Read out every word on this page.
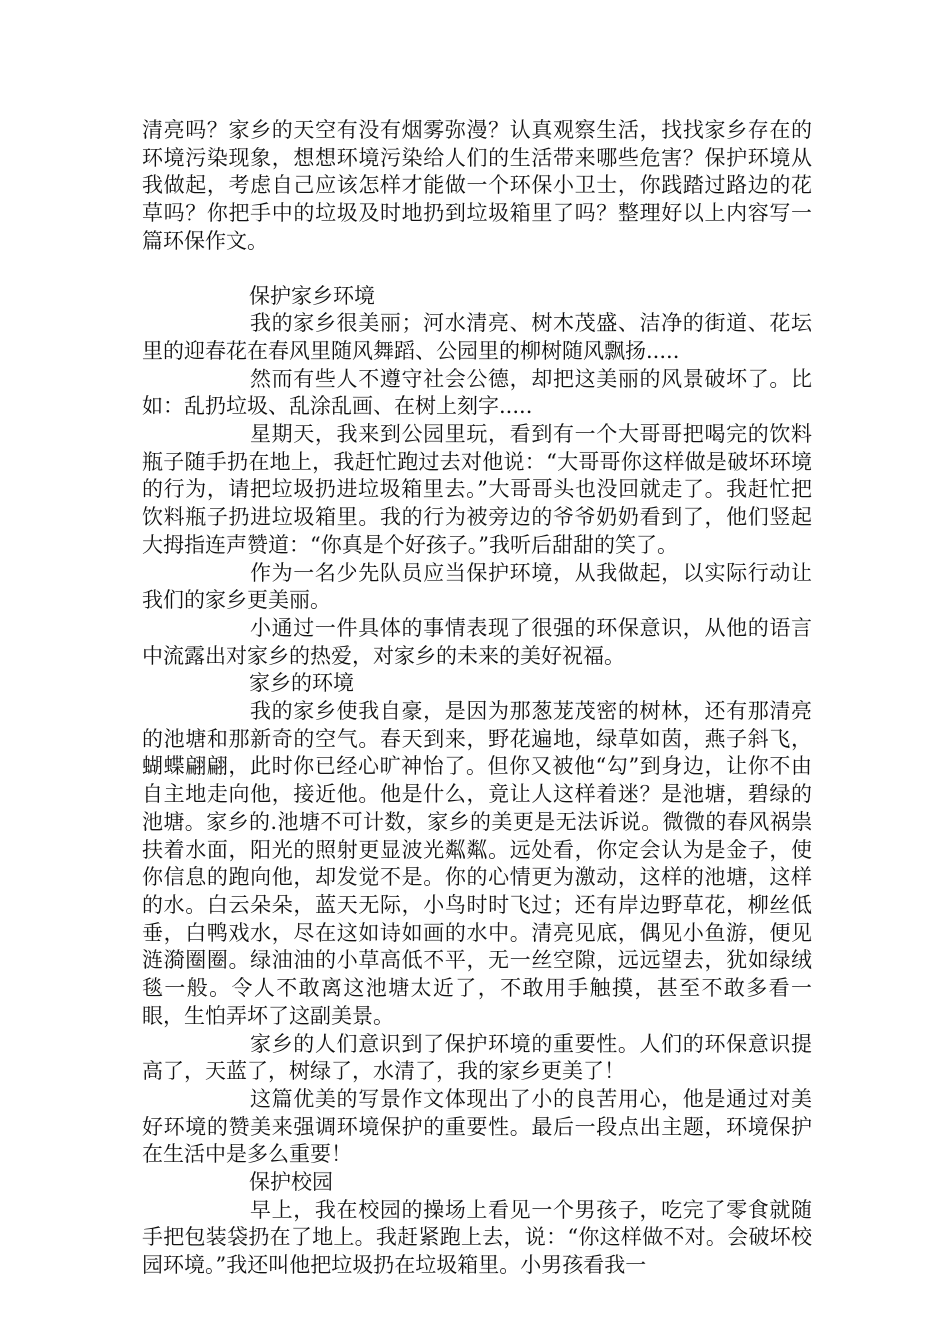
清亮吗？家乡的天空有没有烟雾弥漫？认真观察生活，找找家乡存在的环境污染现象，想想环境污染给人们的生活带来哪些危害？保护环境从我做起，考虑自己应该怎样才能做一个环保小卫士，你践踏过路边的花草吗？你把手中的垃圾及时地扔到垃圾箱里了吗？整理好以上内容写一篇环保作文。

保护家乡环境

我的家乡很美丽；河水清亮、树木茂盛、洁净的街道、花坛里的迎春花在春风里随风舞蹈、公园里的柳树随风飘扬.....

然而有些人不遵守社会公德，却把这美丽的风景破坏了。比如：乱扔垃圾、乱涂乱画、在树上刻字.....

星期天，我来到公园里玩，看到有一个大哥哥把喝完的饮料瓶子随手扔在地上，我赶忙跑过去对他说：“大哥哥你这样做是破坏环境的行为，请把垃圾扔进垃圾箱里去。”大哥哥头也没回就走了。我赶忙把饮料瓶子扔进垃圾箱里。我的行为被旁边的爷爷奶奶看到了，他们竖起大拇指连声赞道：“你真是个好孩子。”我听后甜甜的笑了。

作为一名少先队员应当保护环境，从我做起，以实际行动让我们的家乡更美丽。

小通过一件具体的事情表现了很强的环保意识，从他的语言中流露出对家乡的热爱，对家乡的未来的美好祝福。

家乡的环境

我的家乡使我自豪，是因为那葱茏茂密的树林，还有那清亮的池塘和那新奇的空气。春天到来，野花遍地，绿草如茵，燕子斜飞，蝴蝶翩翩，此时你已经心旷神怡了。但你又被他“勾”到身边，让你不由自主地走向他，接近他。他是什么，竟让人这样着迷？是池塘，碧绿的池塘。家乡的.池塘不可计数，家乡的美更是无法诉说。微微的春风祸祟扶着水面，阳光的照射更显波光粼粼。远处看，你定会认为是金子，使你信息的跑向他，却发觉不是。你的心情更为激动，这样的池塘，这样的水。白云朵朵，蓝天无际，小鸟时时飞过；还有岸边野草花，柳丝低垂，白鸭戏水，尽在这如诗如画的水中。清亮见底，偶见小鱼游，便见涟漪圈圈。绿油油的小草高低不平，无一丝空隙，远远望去，犹如绿绒毯一般。令人不敢离这池塘太近了，不敢用手触摸，甚至不敢多看一眼，生怕弄坏了这副美景。

家乡的人们意识到了保护环境的重要性。人们的环保意识提高了，天蓝了，树绿了，水清了，我的家乡更美了！

这篇优美的写景作文体现出了小的良苦用心，他是通过对美好环境的赞美来强调环境保护的重要性。最后一段点出主题，环境保护在生活中是多么重要！

保护校园

早上，我在校园的操场上看见一个男孩子，吃完了零食就随手把包装袋扔在了地上。我赶紧跑上去，说：“你这样做不对。会破坏校园环境。”我还叫他把垃圾扔在垃圾箱里。小男孩看我一
